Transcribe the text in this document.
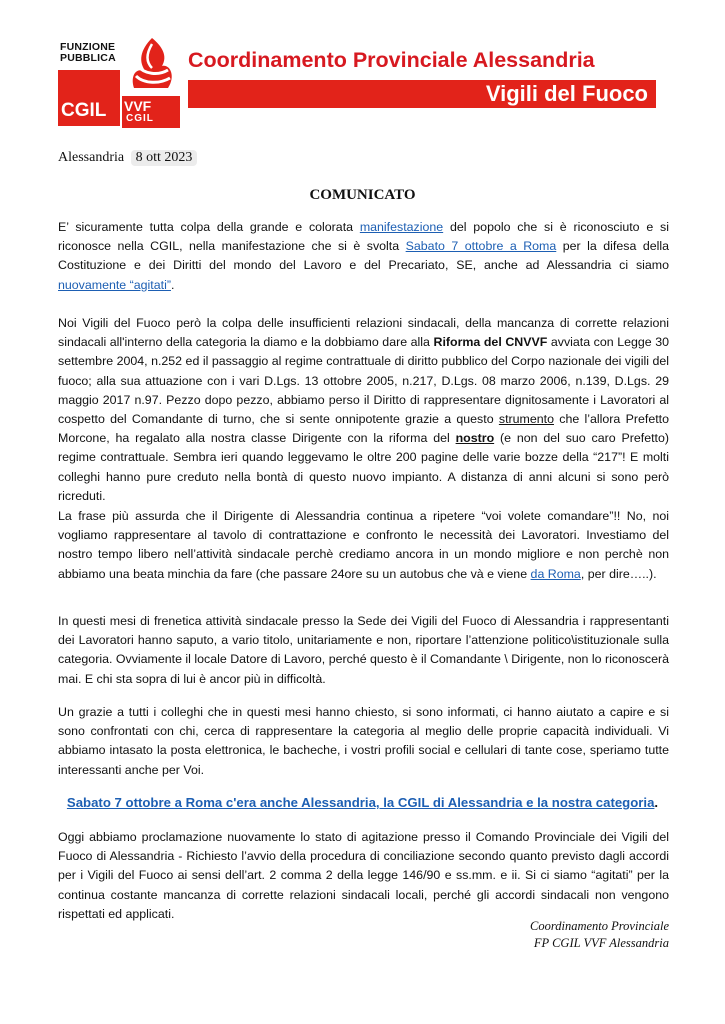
FUNZIONE
PUBBLICA
CGIL VVF
CGIL
Coordinamento Provinciale Alessandria
Vigili del Fuoco
Alessandria 8 ott 2023
COMUNICATO
E’ sicuramente tutta colpa della grande e colorata manifestazione del popolo che si è riconosciuto e si riconosce nella CGIL, nella manifestazione che si è svolta Sabato 7 ottobre a Roma per la difesa della Costituzione e dei Diritti del mondo del Lavoro e del Precariato, SE, anche ad Alessandria ci siamo nuovamente “agitati”.
Noi Vigili del Fuoco però la colpa delle insufficienti relazioni sindacali, della mancanza di corrette relazioni sindacali all'interno della categoria la diamo e la dobbiamo dare alla Riforma del CNVVF avviata con Legge 30 settembre 2004, n.252 ed il passaggio al regime contrattuale di diritto pubblico del Corpo nazionale dei vigili del fuoco; alla sua attuazione con i vari D.Lgs. 13 ottobre 2005, n.217, D.Lgs. 08 marzo 2006, n.139, D.Lgs. 29 maggio 2017 n.97. Pezzo dopo pezzo, abbiamo perso il Diritto di rappresentare dignitosamente i Lavoratori al cospetto del Comandante di turno, che si sente onnipotente grazie a questo strumento che l’allora Prefetto Morcone, ha regalato alla nostra classe Dirigente con la riforma del nostro (e non del suo caro Prefetto) regime contrattuale. Sembra ieri quando leggevamo le oltre 200 pagine delle varie bozze della “217”! E molti colleghi hanno pure creduto nella bontà di questo nuovo impianto. A distanza di anni alcuni si sono però ricreduti.
La frase più assurda che il Dirigente di Alessandria continua a ripetere “voi volete comandare”!! No, noi vogliamo rappresentare al tavolo di contrattazione e confronto le necessità dei Lavoratori. Investiamo del nostro tempo libero nell’attività sindacale perchè crediamo ancora in un mondo migliore e non perchè non abbiamo una beata minchia da fare (che passare 24ore su un autobus che và e viene da Roma, per dire…..).
In questi mesi di frenetica attività sindacale presso la Sede dei Vigili del Fuoco di Alessandria i rappresentanti dei Lavoratori hanno saputo, a vario titolo, unitariamente e non, riportare l’attenzione politico\istituzionale sulla categoria. Ovviamente il locale Datore di Lavoro, perché questo è il Comandante \ Dirigente, non lo riconoscerà mai. E chi sta sopra di lui è ancor più in difficoltà.
Un grazie a tutti i colleghi che in questi mesi hanno chiesto, si sono informati, ci hanno aiutato a capire e si sono confrontati con chi, cerca di rappresentare la categoria al meglio delle proprie capacità individuali. Vi abbiamo intasato la posta elettronica, le bacheche, i vostri profili social e cellulari di tante cose, speriamo tutte interessanti anche per Voi.
Sabato 7 ottobre a Roma c'era anche Alessandria, la CGIL di Alessandria e la nostra categoria.
Oggi abbiamo proclamazione nuovamente lo stato di agitazione presso il Comando Provinciale dei Vigili del Fuoco di Alessandria - Richiesto l’avvio della procedura di conciliazione secondo quanto previsto dagli accordi per i Vigili del Fuoco ai sensi dell’art. 2 comma 2 della legge 146/90 e ss.mm. e ii. Si ci siamo “agitati” per la continua costante mancanza di corrette relazioni sindacali locali, perché gli accordi sindacali non vengono rispettati ed applicati.
Coordinamento Provinciale
FP CGIL VVF Alessandria
